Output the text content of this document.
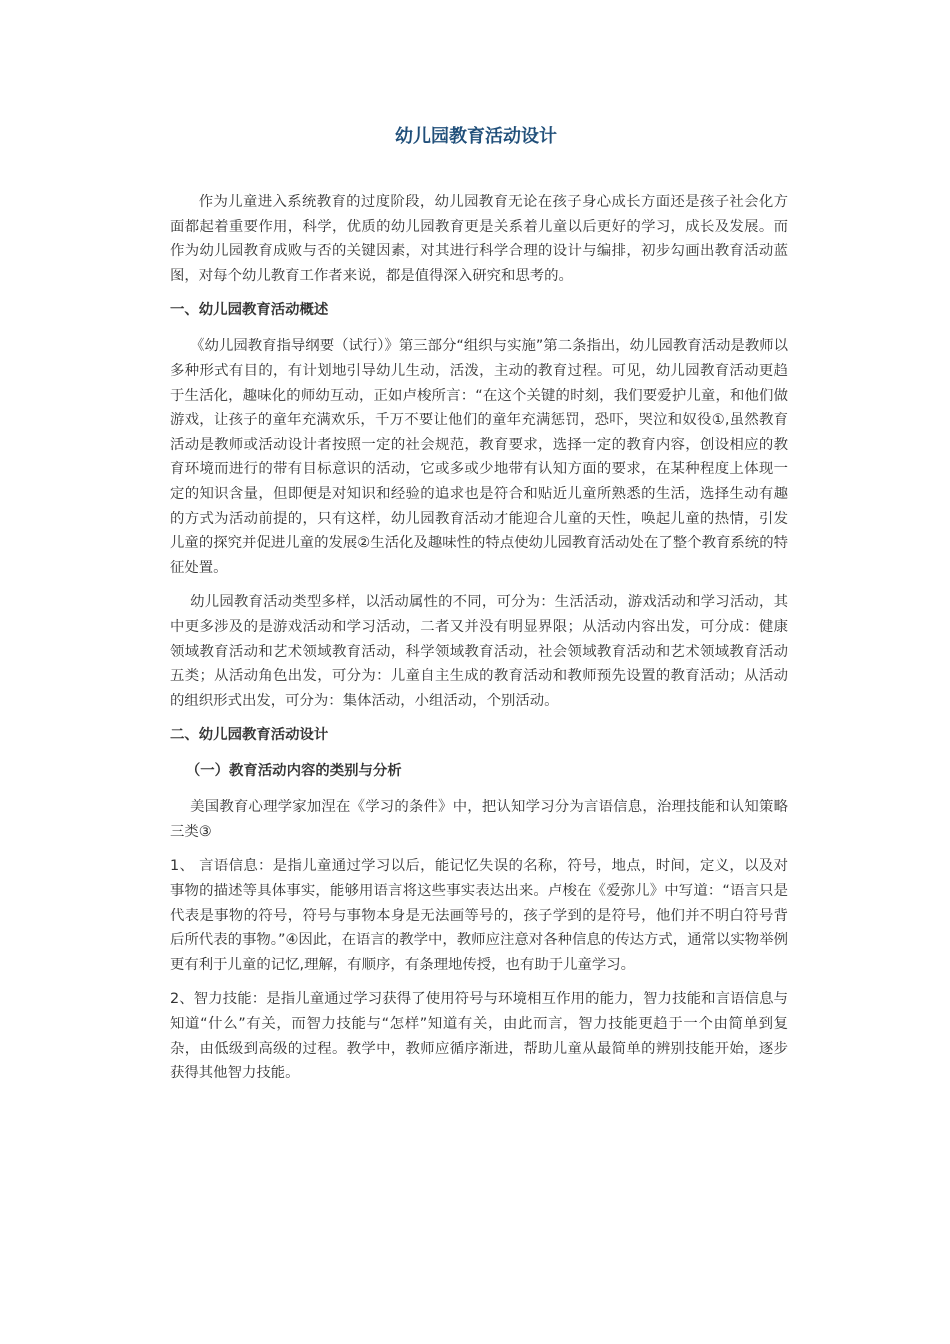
幼儿园教育活动设计

作为儿童进入系统教育的过度阶段，幼儿园教育无论在孩子身心成长方面还是孩子社会化方面都起着重要作用，科学，优质的幼儿园教育更是关系着儿童以后更好的学习，成长及发展。而作为幼儿园教育成败与否的关键因素，对其进行科学合理的设计与编排，初步勾画出教育活动蓝图，对每个幼儿教育工作者来说，都是值得深入研究和思考的。

一、幼儿园教育活动概述

《幼儿园教育指导纲要（试行）》第三部分“组织与实施”第二条指出，幼儿园教育活动是教师以多种形式有目的，有计划地引导幼儿生动，活泼，主动的教育过程。可见，幼儿园教育活动更趋于生活化，趣味化的师幼互动，正如卢梭所言：“在这个关键的时刻，我们要爱护儿童，和他们做游戏，让孩子的童年充满欢乐，千万不要让他们的童年充满惩罚，恐吓，哭泣和奴役①,虽然教育活动是教师或活动设计者按照一定的社会规范，教育要求，选择一定的教育内容，创设相应的教育环境而进行的带有目标意识的活动，它或多或少地带有认知方面的要求，在某种程度上体现一定的知识含量，但即便是对知识和经验的追求也是符合和贴近儿童所熟悉的生活，选择生动有趣的方式为活动前提的，只有这样，幼儿园教育活动才能迎合儿童的天性，唤起儿童的热情，引发儿童的探究并促进儿童的发展②生活化及趣味性的特点使幼儿园教育活动处在了整个教育系统的特征处置。

幼儿园教育活动类型多样，以活动属性的不同，可分为：生活活动，游戏活动和学习活动，其中更多涉及的是游戏活动和学习活动，二者又并没有明显界限；从活动内容出发，可分成：健康领域教育活动和艺术领域教育活动，科学领域教育活动，社会领域教育活动和艺术领域教育活动五类；从活动角色出发，可分为：儿童自主生成的教育活动和教师预先设置的教育活动；从活动的组织形式出发，可分为：集体活动，小组活动，个别活动。

二、幼儿园教育活动设计
（一）教育活动内容的类别与分析

美国教育心理学家加涅在《学习的条件》中，把认知学习分为言语信息，治理技能和认知策略三类③

1、 言语信息：是指儿童通过学习以后，能记忆失误的名称，符号，地点，时间，定义，以及对事物的描述等具体事实，能够用语言将这些事实表达出来。卢梭在《爱弥儿》中写道：“语言只是代表是事物的符号，符号与事物本身是无法画等号的，孩子学到的是符号，他们并不明白符号背后所代表的事物。”④因此，在语言的教学中，教师应注意对各种信息的传达方式，通常以实物举例更有利于儿童的记忆,理解，有顺序，有条理地传授，也有助于儿童学习。

2、智力技能：是指儿童通过学习获得了使用符号与环境相互作用的能力，智力技能和言语信息与知道“什么”有关，而智力技能与“怎样”知道有关，由此而言，智力技能更趋于一个由简单到复杂，由低级到高级的过程。教学中，教师应循序渐进，帮助儿童从最简单的辨别技能开始，逐步获得其他智力技能。
